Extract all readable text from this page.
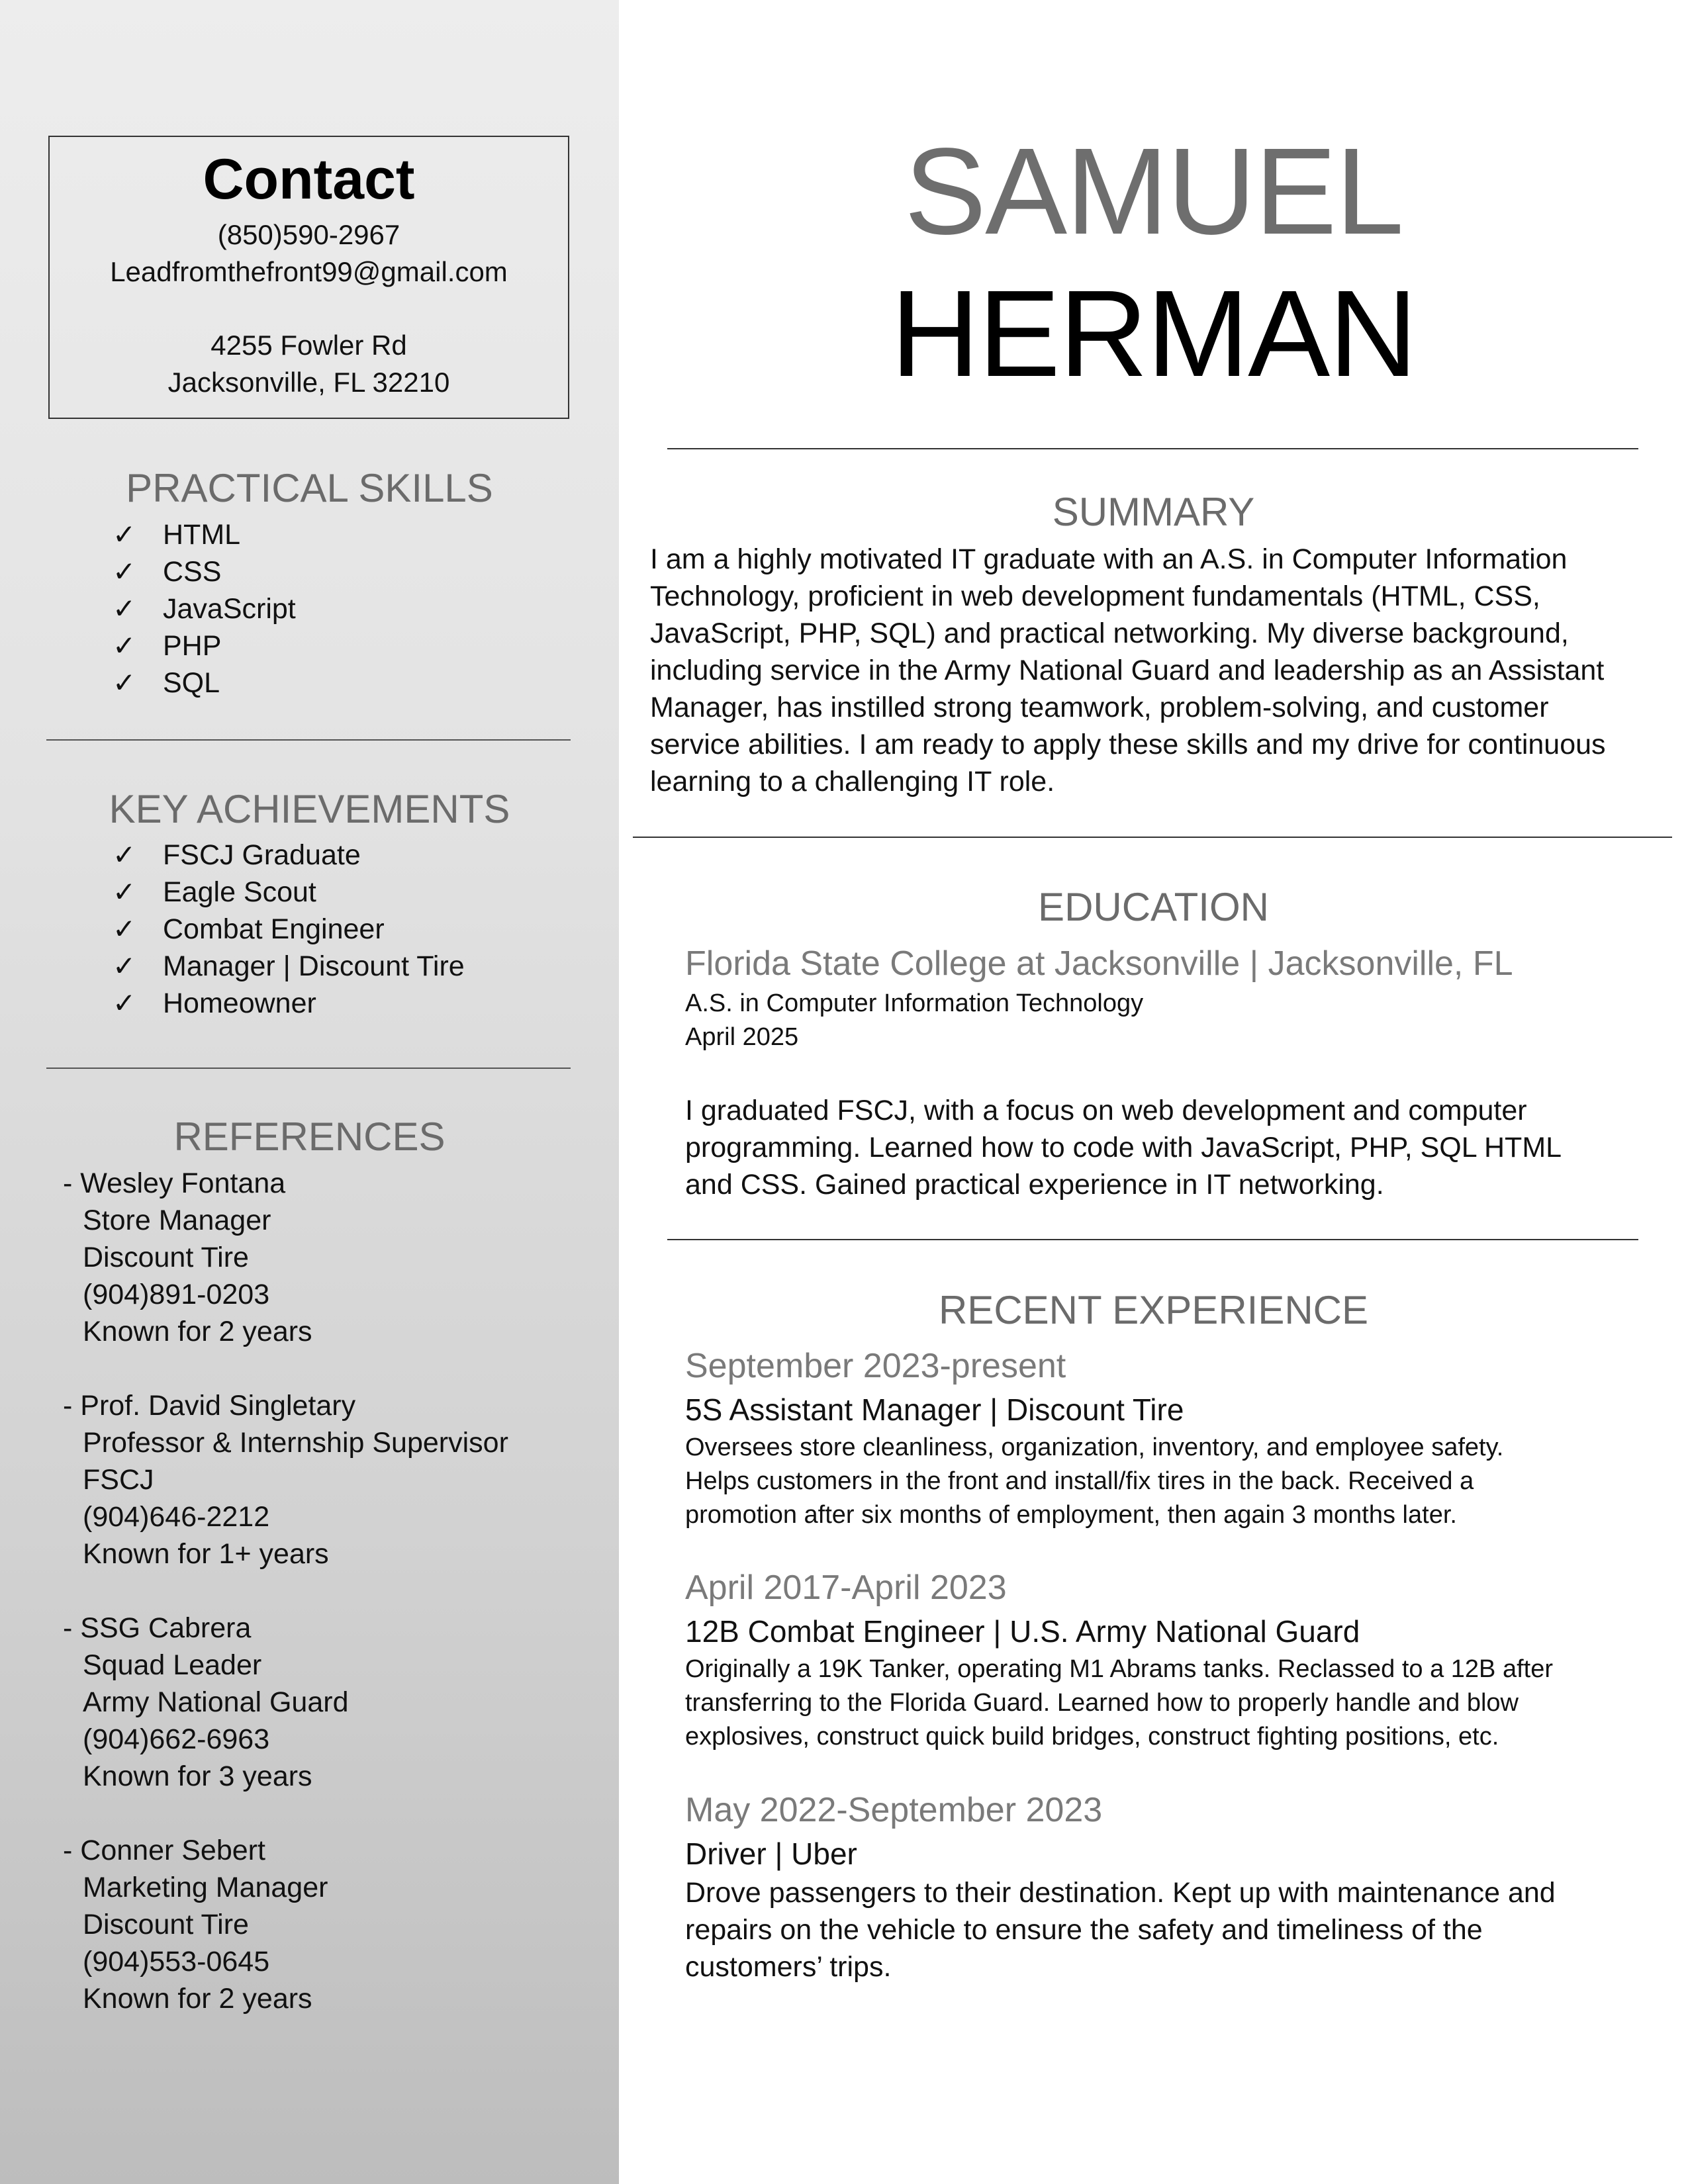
Contact
(850)590-2967
Leadfromthefront99@gmail.com
4255 Fowler Rd
Jacksonville, FL 32210
PRACTICAL SKILLS
✓ HTML
✓ CSS
✓ JavaScript
✓ PHP
✓ SQL
KEY ACHIEVEMENTS
✓ FSCJ Graduate
✓ Eagle Scout
✓ Combat Engineer
✓ Manager | Discount Tire
✓ Homeowner
REFERENCES
- Wesley Fontana
Store Manager
Discount Tire
(904)891-0203
Known for 2 years
- Prof. David Singletary
Professor & Internship Supervisor
FSCJ
(904)646-2212
Known for 1+ years
- SSG Cabrera
Squad Leader
Army National Guard
(904)662-6963
Known for 3 years
- Conner Sebert
Marketing Manager
Discount Tire
(904)553-0645
Known for 2 years
SAMUEL
HERMAN
SUMMARY
I am a highly motivated IT graduate with an A.S. in Computer Information
Technology, proficient in web development fundamentals (HTML, CSS,
JavaScript, PHP, SQL) and practical networking. My diverse background,
including service in the Army National Guard and leadership as an Assistant
Manager, has instilled strong teamwork, problem-solving, and customer
service abilities. I am ready to apply these skills and my drive for continuous
learning to a challenging IT role.
EDUCATION
Florida State College at Jacksonville | Jacksonville, FL
A.S. in Computer Information Technology
April 2025
I graduated FSCJ, with a focus on web development and computer
programming. Learned how to code with JavaScript, PHP, SQL HTML
and CSS. Gained practical experience in IT networking.
RECENT EXPERIENCE
September 2023-present
5S Assistant Manager | Discount Tire
Oversees store cleanliness, organization, inventory, and employee safety.
Helps customers in the front and install/fix tires in the back. Received a
promotion after six months of employment, then again 3 months later.
April 2017-April 2023
12B Combat Engineer | U.S. Army National Guard
Originally a 19K Tanker, operating M1 Abrams tanks. Reclassed to a 12B after
transferring to the Florida Guard. Learned how to properly handle and blow
explosives, construct quick build bridges, construct fighting positions, etc.
May 2022-September 2023
Driver | Uber
Drove passengers to their destination. Kept up with maintenance and
repairs on the vehicle to ensure the safety and timeliness of the
customers’ trips.
